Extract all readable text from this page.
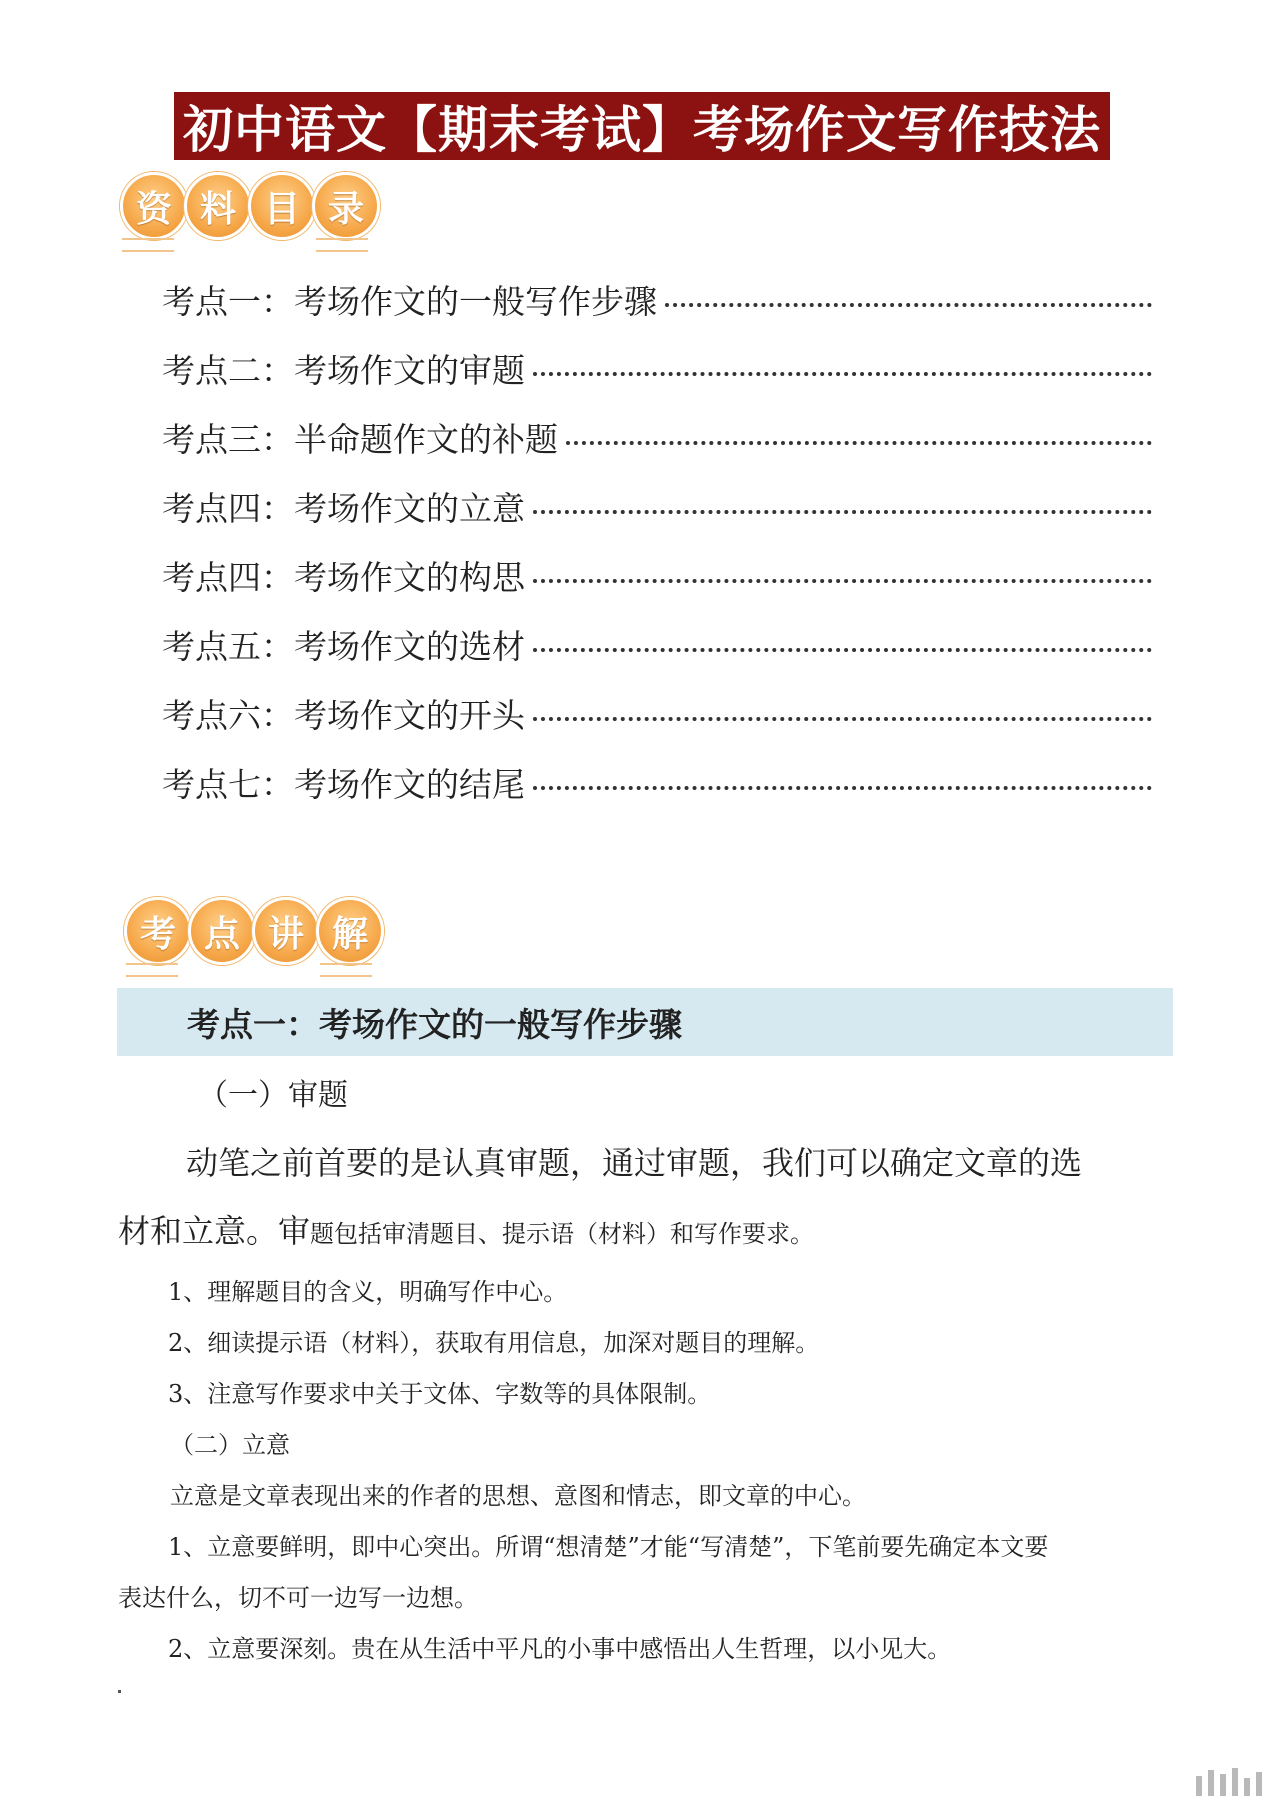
初中语文【期末考试】考场作文写作技法
资 料 目 录
考点一：考场作文的一般写作步骤
考点二：考场作文的审题
考点三：半命题作文的补题
考点四：考场作文的立意
考点四：考场作文的构思
考点五：考场作文的选材
考点六：考场作文的开头
考点七：考场作文的结尾
考 点 讲 解
考点一：考场作文的一般写作步骤
（一）审题
动笔之前首要的是认真审题，通过审题，我们可以确定文章的选
材和立意。审题包括审清题目、提示语（材料）和写作要求。
1、理解题目的含义，明确写作中心。
2、细读提示语（材料），获取有用信息，加深对题目的理解。
3、注意写作要求中关于文体、字数等的具体限制。
（二）立意
立意是文章表现出来的作者的思想、意图和情志，即文章的中心。
1、立意要鲜明，即中心突出。所谓“想清楚”才能“写清楚”，下笔前要先确定本文要
表达什么，切不可一边写一边想。
2、立意要深刻。贵在从生活中平凡的小事中感悟出人生哲理，以小见大。
